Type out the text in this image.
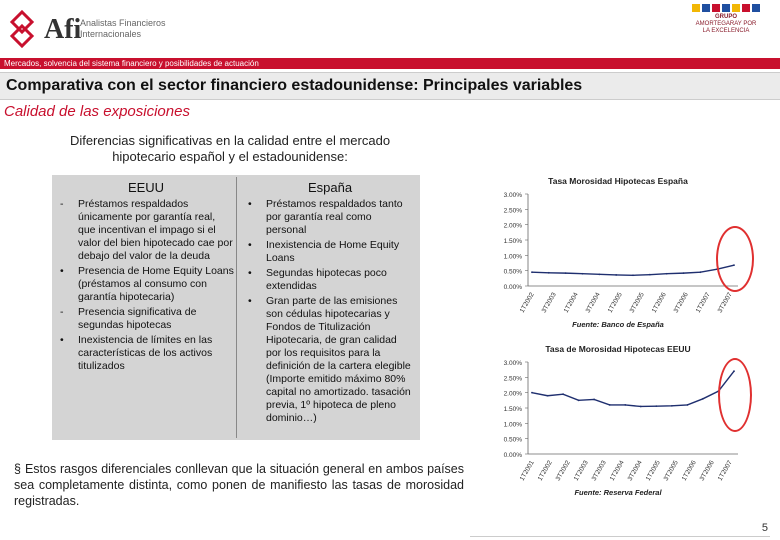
Afi
Analistas Financieros
Internacionales
GRUPO
AMORTEGARAY POR
LA EXCELENCIA
Mercados, solvencia del sistema financiero y posibilidades de actuación
Comparativa con el sector financiero estadounidense: Principales variables
Calidad de las exposiciones
Diferencias significativas en la calidad entre el mercado
hipotecario español y el estadounidense:
EEUU
- Préstamos respaldados únicamente por garantía real, que incentivan el impago si el valor del bien hipotecado cae por debajo del valor de la deuda
• Presencia de Home Equity Loans (préstamos al consumo con garantía hipotecaria)
- Presencia significativa de segundas hipotecas
• Inexistencia de límites en las características de los activos titulizados
España
• Préstamos respaldados tanto por garantía real como personal
• Inexistencia de Home Equity Loans
• Segundas hipotecas poco extendidas
• Gran parte de las emisiones son cédulas hipotecarias y Fondos de Titulización Hipotecaria, de gran calidad por los requisitos para la definición de la cartera elegible (Importe emitido máximo 80% capital no amortizado. tasación previa, 1º hipoteca de pleno dominio…)
Tasa Morosidad Hipotecas España
3.00%
2.50%
2.00%
1.50%
1.00%
0.50%
0.00%
1T2002 3T2003 1T2004 3T2004 1T2005 3T2005 1T2006 3T2006 1T2007 3T2007
Fuente: Banco de España
Tasa de Morosidad Hipotecas EEUU
3.00%
2.50%
2.00%
1.50%
1.00%
0.50%
0.00%
1T2001 1T2002 3T2002 1T2003 3T2003 1T2004 3T2004 1T2005 3T2005 1T2006 3T2006 1T2007
Fuente: Reserva Federal
§ Estos rasgos diferenciales conllevan que la situación general en ambos países sea completamente distinta, como ponen de manifiesto las tasas de morosidad registradas.
5
